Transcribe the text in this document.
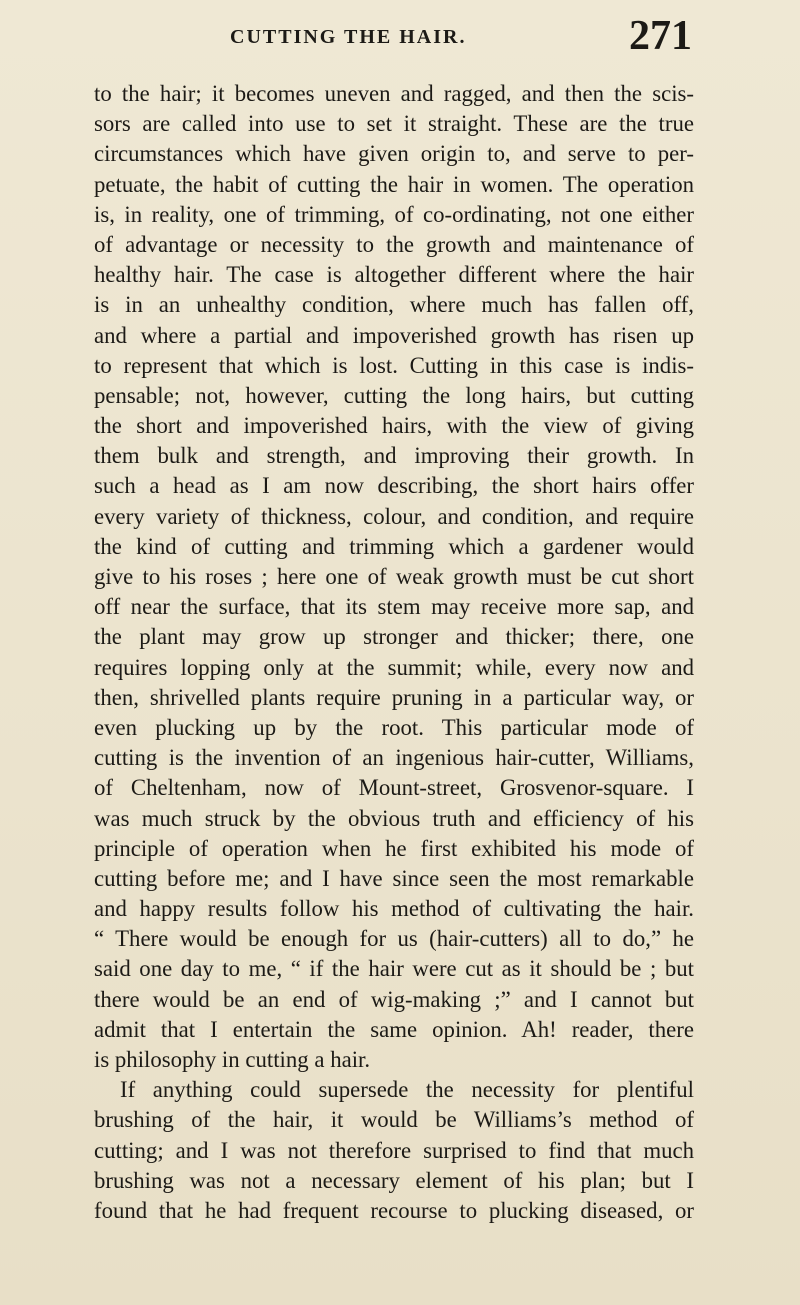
CUTTING THE HAIR.	271
to the hair; it becomes uneven and ragged, and then the scis-
sors are called into use to set it straight. These are the true
circumstances which have given origin to, and serve to per-
petuate, the habit of cutting the hair in women. The operation
is, in reality, one of trimming, of co-ordinating, not one either
of advantage or necessity to the growth and maintenance of
healthy hair. The case is altogether different where the hair
is in an unhealthy condition, where much has fallen off,
and where a partial and impoverished growth has risen up
to represent that which is lost. Cutting in this case is indis-
pensable; not, however, cutting the long hairs, but cutting
the short and impoverished hairs, with the view of giving
them bulk and strength, and improving their growth. In
such a head as I am now describing, the short hairs offer
every variety of thickness, colour, and condition, and require
the kind of cutting and trimming which a gardener would
give to his roses ; here one of weak growth must be cut short
off near the surface, that its stem may receive more sap, and
the plant may grow up stronger and thicker; there, one
requires lopping only at the summit; while, every now and
then, shrivelled plants require pruning in a particular way, or
even plucking up by the root. This particular mode of
cutting is the invention of an ingenious hair-cutter, Williams,
of Cheltenham, now of Mount-street, Grosvenor-square. I
was much struck by the obvious truth and efficiency of his
principle of operation when he first exhibited his mode of
cutting before me; and I have since seen the most remarkable
and happy results follow his method of cultivating the hair.
“ There would be enough for us (hair-cutters) all to do,” he
said one day to me, “ if the hair were cut as it should be ; but
there would be an end of wig-making ;” and I cannot but
admit that I entertain the same opinion. Ah! reader, there
is philosophy in cutting a hair.
If anything could supersede the necessity for plentiful
brushing of the hair, it would be Williams’s method of
cutting; and I was not therefore surprised to find that much
brushing was not a necessary element of his plan; but I
found that he had frequent recourse to plucking diseased, or
